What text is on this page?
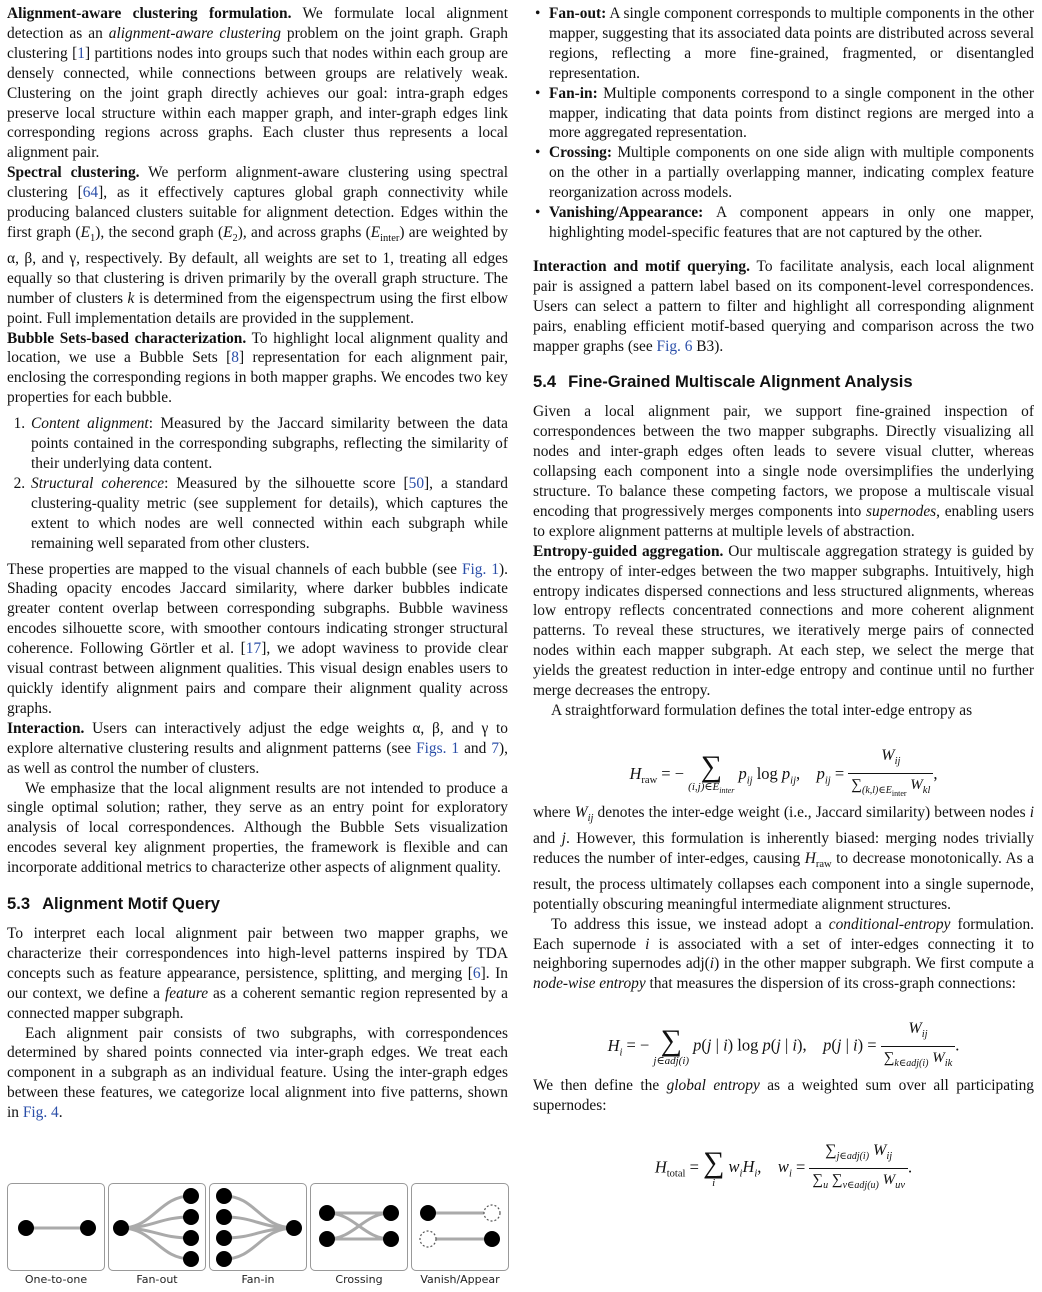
Alignment-aware clustering formulation. We formulate local alignment detection as an alignment-aware clustering problem on the joint graph. Graph clustering [1] partitions nodes into groups such that nodes within each group are densely connected, while connections between groups are relatively weak. Clustering on the joint graph directly achieves our goal: intra-graph edges preserve local structure within each mapper graph, and inter-graph edges link corresponding regions across graphs. Each cluster thus represents a local alignment pair.

Spectral clustering. We perform alignment-aware clustering using spectral clustering [64], as it effectively captures global graph connectivity while producing balanced clusters suitable for alignment detection. Edges within the first graph $(E_1)$, the second graph $(E_2)$, and across graphs $(E_{inter})$ are weighted by α, β, and γ, respectively. By default, all weights are set to 1, treating all edges equally so that clustering is driven primarily by the overall graph structure. The number of clusters k is determined from the eigenspectrum using the first elbow point. Full implementation details are provided in the supplement.

Bubble Sets-based characterization. To highlight local alignment quality and location, we use a Bubble Sets [8] representation for each alignment pair, enclosing the corresponding regions in both mapper graphs. We encodes two key properties for each bubble.

1. Content alignment: Measured by the Jaccard similarity between the data points contained in the corresponding subgraphs, reflecting the similarity of their underlying data content.
2. Structural coherence: Measured by the silhouette score [50], a standard clustering-quality metric (see supplement for details), which captures the extent to which nodes are well connected within each subgraph while remaining well separated from other clusters.

These properties are mapped to the visual channels of each bubble (see Fig. 1). Shading opacity encodes Jaccard similarity, where darker bubbles indicate greater content overlap between corresponding subgraphs. Bubble waviness encodes silhouette score, with smoother contours indicating stronger structural coherence. Following Görtler et al. [17], we adopt waviness to provide clear visual contrast between alignment qualities. This visual design enables users to quickly identify alignment pairs and compare their alignment quality across graphs.

Interaction. Users can interactively adjust the edge weights α, β, and γ to explore alternative clustering results and alignment patterns (see Figs. 1 and 7), as well as control the number of clusters.

We emphasize that the local alignment results are not intended to produce a single optimal solution; rather, they serve as an entry point for exploratory analysis of local correspondences. Although the Bubble Sets visualization encodes several key alignment properties, the framework is flexible and can incorporate additional metrics to characterize other aspects of alignment quality.

5.3 Alignment Motif Query

To interpret each local alignment pair between two mapper graphs, we characterize their correspondences into high-level patterns inspired by TDA concepts such as feature appearance, persistence, splitting, and merging [6]. In our context, we define a feature as a coherent semantic region represented by a connected mapper subgraph.

Each alignment pair consists of two subgraphs, with correspondences determined by shared points connected via inter-graph edges. We treat each component in a subgraph as an individual feature. Using the inter-graph edges between these features, we categorize local alignment into five patterns, shown in Fig. 4.

One-to-one	Fan-out	Fan-in	Crossing	Vanish/Appear
• Fan-out: A single component corresponds to multiple components in the other mapper, suggesting that its associated data points are distributed across several regions, reflecting a more fine-grained, fragmented, or disentangled representation.
• Fan-in: Multiple components correspond to a single component in the other mapper, indicating that data points from distinct regions are merged into a more aggregated representation.
• Crossing: Multiple components on one side align with multiple components on the other in a partially overlapping manner, indicating complex feature reorganization across models.
• Vanishing/Appearance: A component appears in only one mapper, highlighting model-specific features that are not captured by the other.

Interaction and motif querying. To facilitate analysis, each local alignment pair is assigned a pattern label based on its component-level correspondences. Users can select a pattern to filter and highlight all corresponding alignment pairs, enabling efficient motif-based querying and comparison across the two mapper graphs (see Fig. 6 B3).

5.4 Fine-Grained Multiscale Alignment Analysis

Given a local alignment pair, we support fine-grained inspection of correspondences between the two mapper subgraphs. Directly visualizing all nodes and inter-graph edges often leads to severe visual clutter, whereas collapsing each component into a single node oversimplifies the underlying structure. To balance these competing factors, we propose a multiscale visual encoding that progressively merges components into supernodes, enabling users to explore alignment patterns at multiple levels of abstraction.

Entropy-guided aggregation. Our multiscale aggregation strategy is guided by the entropy of inter-edges between the two mapper subgraphs. Intuitively, high entropy indicates dispersed connections and less structured alignments, whereas low entropy reflects concentrated connections and more coherent alignment patterns. To reveal these structures, we iteratively merge pairs of connected nodes within each mapper subgraph. At each step, we select the merge that yields the greatest reduction in inter-edge entropy and continue until no further merge decreases the entropy.

A straightforward formulation defines the total inter-edge entropy as

$H_{raw}$ = − ∑
$(i,j)\in E_{inter}$
$p_{ij}$ $\log p_{ij}$,    $p_{ij} = \frac{W_{ij}}{\sum_{(k,l)\in E_{inter}} W_{kl}}$ ,

where $W_{ij}$ denotes the inter-edge weight (i.e., Jaccard similarity) between nodes i and j. However, this formulation is inherently biased: merging nodes trivially reduces the number of inter-edges, causing $H_{raw}$ to decrease monotonically. As a result, the process ultimately collapses each component into a single supernode, potentially obscuring meaningful intermediate alignment structures.

To address this issue, we instead adopt a conditional-entropy formulation. Each supernode i is associated with a set of inter-edges connecting it to neighboring supernodes adj(i) in the other mapper subgraph. We first compute a node-wise entropy that measures the dispersion of its cross-graph connections:

$H_i$ = − ∑
j∈adj(i)
p(j | i) log p(j | i),    p(j | $i) = \frac{W_{ij}}{\sum_{k\in adj(i)} W_{ik}}$ .

We then define the global entropy as a weighted sum over all participating supernodes:

$H_{total}$ = ∑
i
$w_iH_i$,    $w_i = \frac{\sum_{j\in adj(i)} W_{ij}}{\sum_u \sum_{v\in adj(u)} W_{uv}}$ .
